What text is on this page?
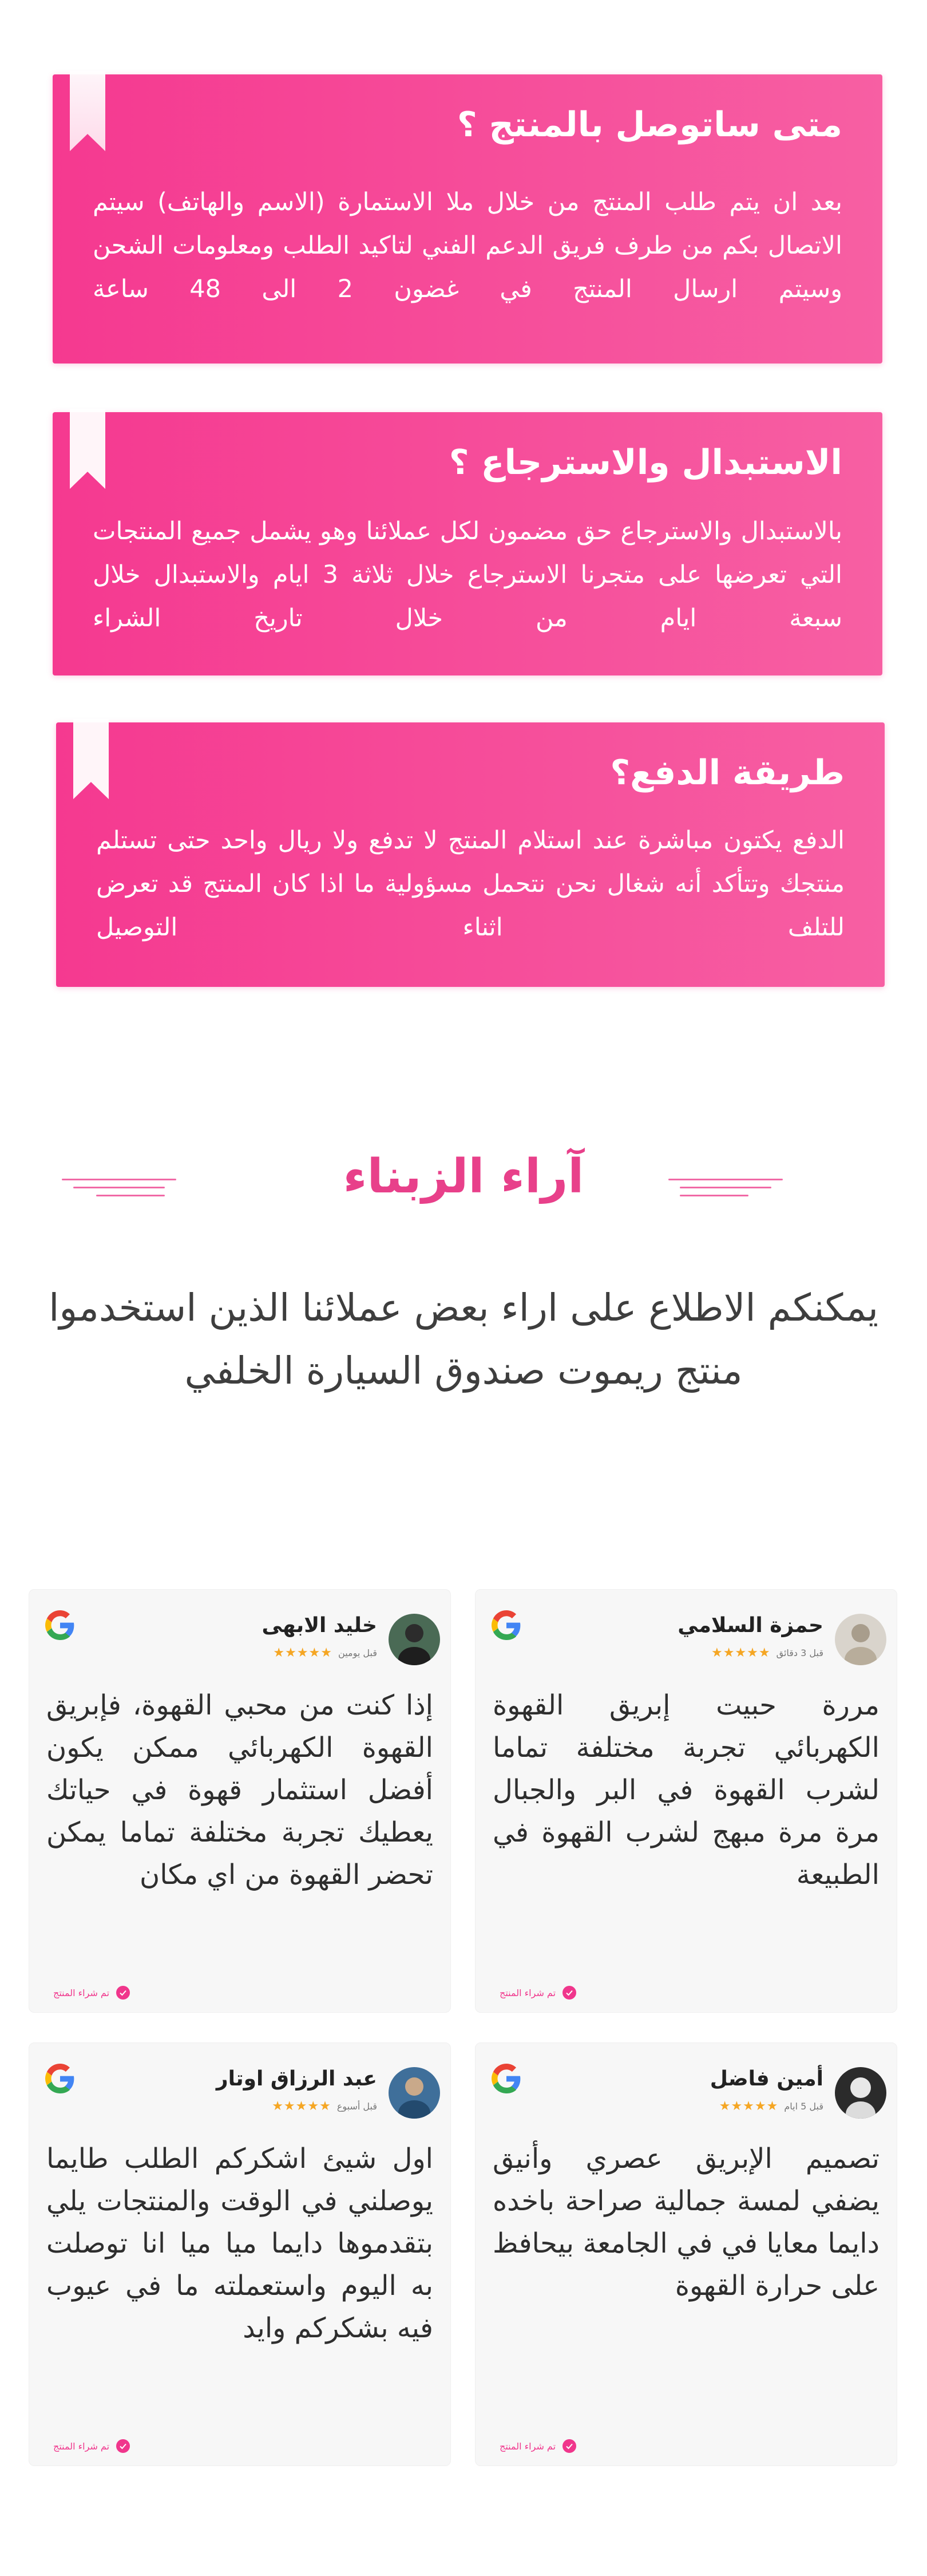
متى ساتوصل بالمنتج ؟

بعد ان يتم طلب المنتج من خلال ملا الاستمارة (الاسم والهاتف) سيتم الاتصال بكم من طرف فريق الدعم الفني لتاكيد الطلب ومعلومات الشحن وسيتم ارسال المنتج في غضون 2 الى 48 ساعة

الاستبدال والاسترجاع ؟

بالاستبدال والاسترجاع حق مضمون لكل عملائنا وهو يشمل جميع المنتجات التي تعرضها على متجرنا الاسترجاع خلال ثلاثة 3 ايام والاستبدال خلال سبعة ايام من خلال تاريخ الشراء

طريقة الدفع؟

الدفع يكتون مباشرة عند استلام المنتج لا تدفع ولا ريال واحد حتى تستلم منتجك وتتأكد أنه شغال نحن نتحمل مسؤولية ما اذا كان المنتج قد تعرض للتلف اثناء التوصيل

آراء الزبناء

يمكنكم الاطلاع على اراء بعض عملائنا الذين استخدموا منتج ريموت صندوق السيارة الخلفي

حمزة السلامي
قبل 3 دقائق
★★★★★

مررة حبيت إبريق القهوة الكهربائي تجربة مختلفة تماما لشرب القهوة في البر والجبال مرة مرة مبهج لشرب القهوة في الطبيعة

تم شراء المنتج
خليد الابهى
قبل يومين
★★★★★

إذا كنت من محبي القهوة، فإبريق القهوة الكهربائي ممكن يكون أفضل استثمار قهوة في حياتك يعطيك تجربة مختلفة تماما يمكن تحضر القهوة من اي مكان

تم شراء المنتج
أمين فاضل
قبل 5 ايام
★★★★★

تصميم الإبريق عصري وأنيق يضفي لمسة جمالية صراحة باخده دايما معايا في في الجامعة بيحافظ على حرارة القهوة

تم شراء المنتج
عبد الرزاق اوتار
قبل أسبوع
★★★★★

اول شيئ اشكركم الطلب طايما يوصلني في الوقت والمنتجات يلي بتقدموها دايما ميا ميا انا توصلت به اليوم واستعملته ما في عيوب فيه بشكركم وايد

تم شراء المنتج
